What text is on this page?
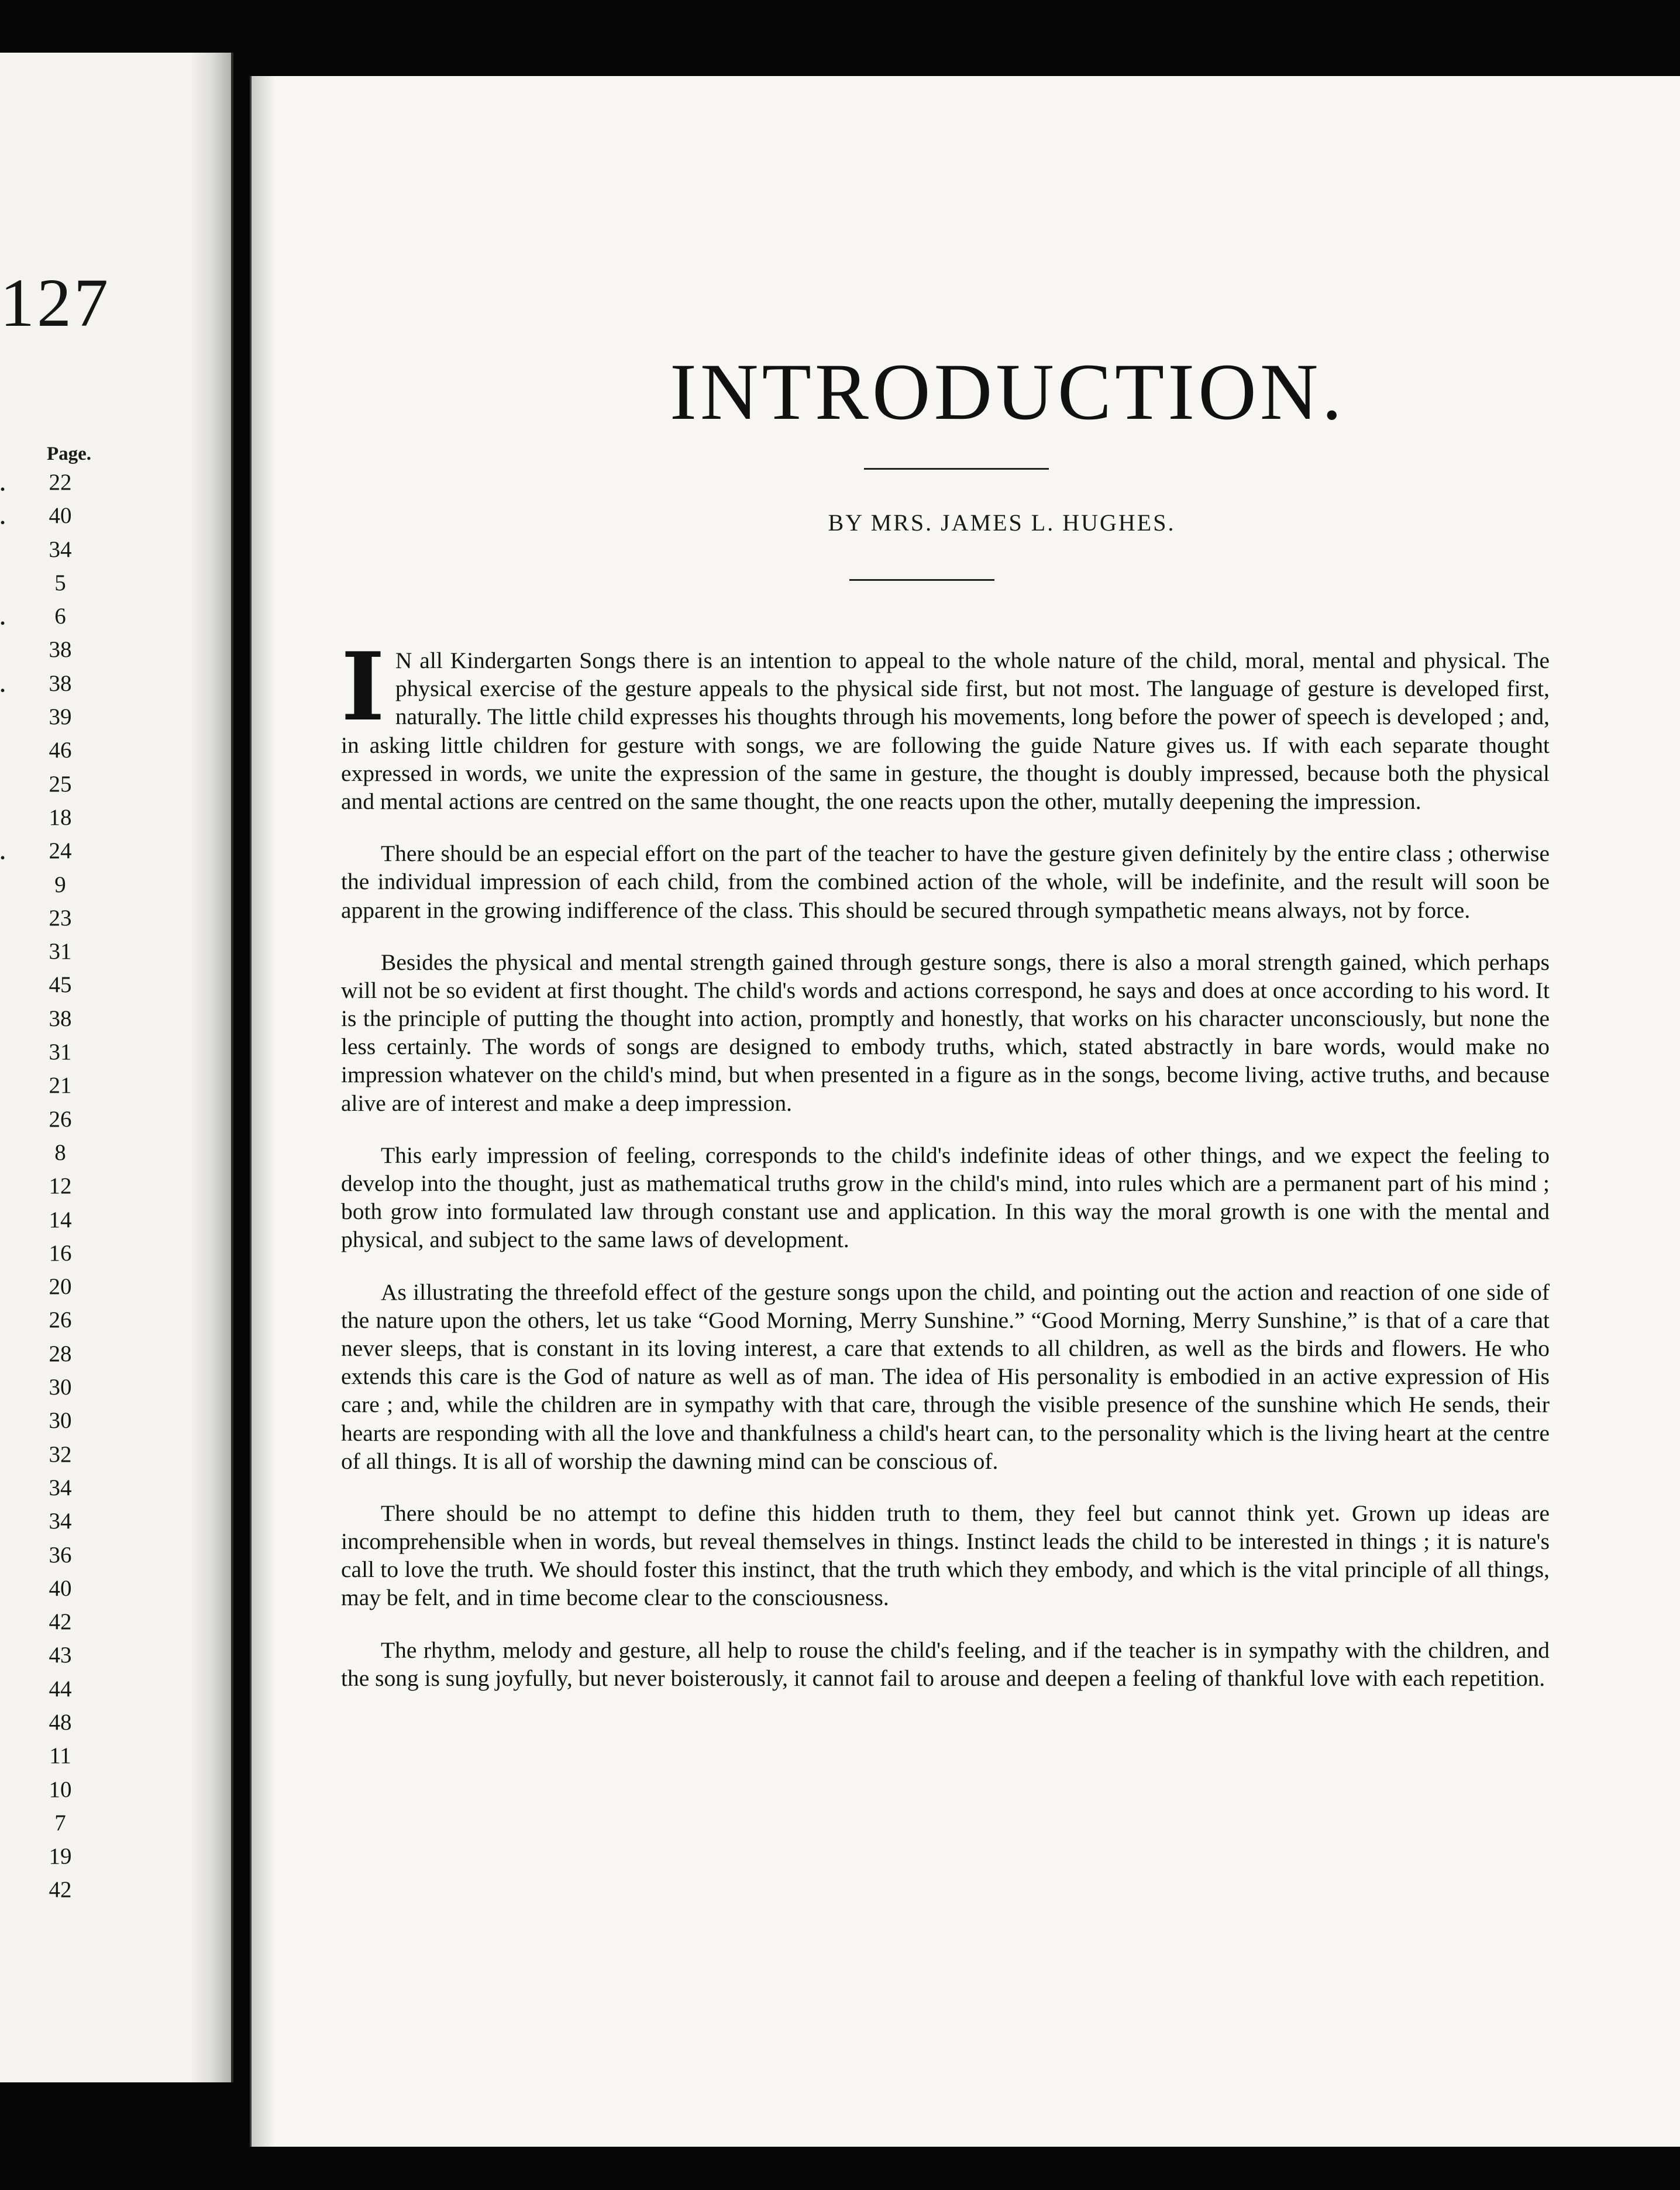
127
Page.
.	22
.	40
34
5
.	6
38
.	38
39
46
25
18
.	24
9
23
31
45
38
31
21
26
8
12
14
16
20
26
28
30
30
32
34
34
36
40
42
43
44
48
11
10
7
19
42
INTRODUCTION.
BY MRS. JAMES L. HUGHES.

I N all Kindergarten Songs there is an intention to appeal to the whole nature of the child, moral, mental and physical. The physical exercise of the gesture appeals to the physical side first, but not most. The language of gesture is developed first, naturally. The little child expresses his thoughts through his movements, long before the power of speech is developed ; and, in asking little children for gesture with songs, we are following the guide Nature gives us. If with each separate thought expressed in words, we unite the expression of the same in gesture, the thought is doubly impressed, because both the physical and mental actions are centred on the same thought, the one reacts upon the other, mutally deepening the impression.

There should be an especial effort on the part of the teacher to have the gesture given definitely by the entire class ; otherwise the individual impression of each child, from the combined action of the whole, will be indefinite, and the result will soon be apparent in the growing indifference of the class. This should be secured through sympathetic means always, not by force.

Besides the physical and mental strength gained through gesture songs, there is also a moral strength gained, which perhaps will not be so evident at first thought. The child's words and actions correspond, he says and does at once according to his word. It is the principle of putting the thought into action, promptly and honestly, that works on his character unconsciously, but none the less certainly. The words of songs are designed to embody truths, which, stated abstractly in bare words, would make no impression whatever on the child's mind, but when presented in a figure as in the songs, become living, active truths, and because alive are of interest and make a deep impression.

This early impression of feeling, corresponds to the child's indefinite ideas of other things, and we expect the feeling to develop into the thought, just as mathematical truths grow in the child's mind, into rules which are a permanent part of his mind ; both grow into formulated law through constant use and application. In this way the moral growth is one with the mental and physical, and subject to the same laws of development.

As illustrating the threefold effect of the gesture songs upon the child, and pointing out the action and reaction of one side of the nature upon the others, let us take “Good Morning, Merry Sunshine.” “Good Morning, Merry Sunshine,” is that of a care that never sleeps, that is constant in its loving interest, a care that extends to all children, as well as the birds and flowers. He who extends this care is the God of nature as well as of man. The idea of His personality is embodied in an active expression of His care ; and, while the children are in sympathy with that care, through the visible presence of the sunshine which He sends, their hearts are responding with all the love and thankfulness a child's heart can, to the personality which is the living heart at the centre of all things. It is all of worship the dawning mind can be conscious of.

There should be no attempt to define this hidden truth to them, they feel but cannot think yet. Grown up ideas are incomprehensible when in words, but reveal themselves in things. Instinct leads the child to be interested in things ; it is nature's call to love the truth. We should foster this instinct, that the truth which they embody, and which is the vital principle of all things, may be felt, and in time become clear to the consciousness.

The rhythm, melody and gesture, all help to rouse the child's feeling, and if the teacher is in sympathy with the children, and the song is sung joyfully, but never boisterously, it cannot fail to arouse and deepen a feeling of thankful love with each repetition.
